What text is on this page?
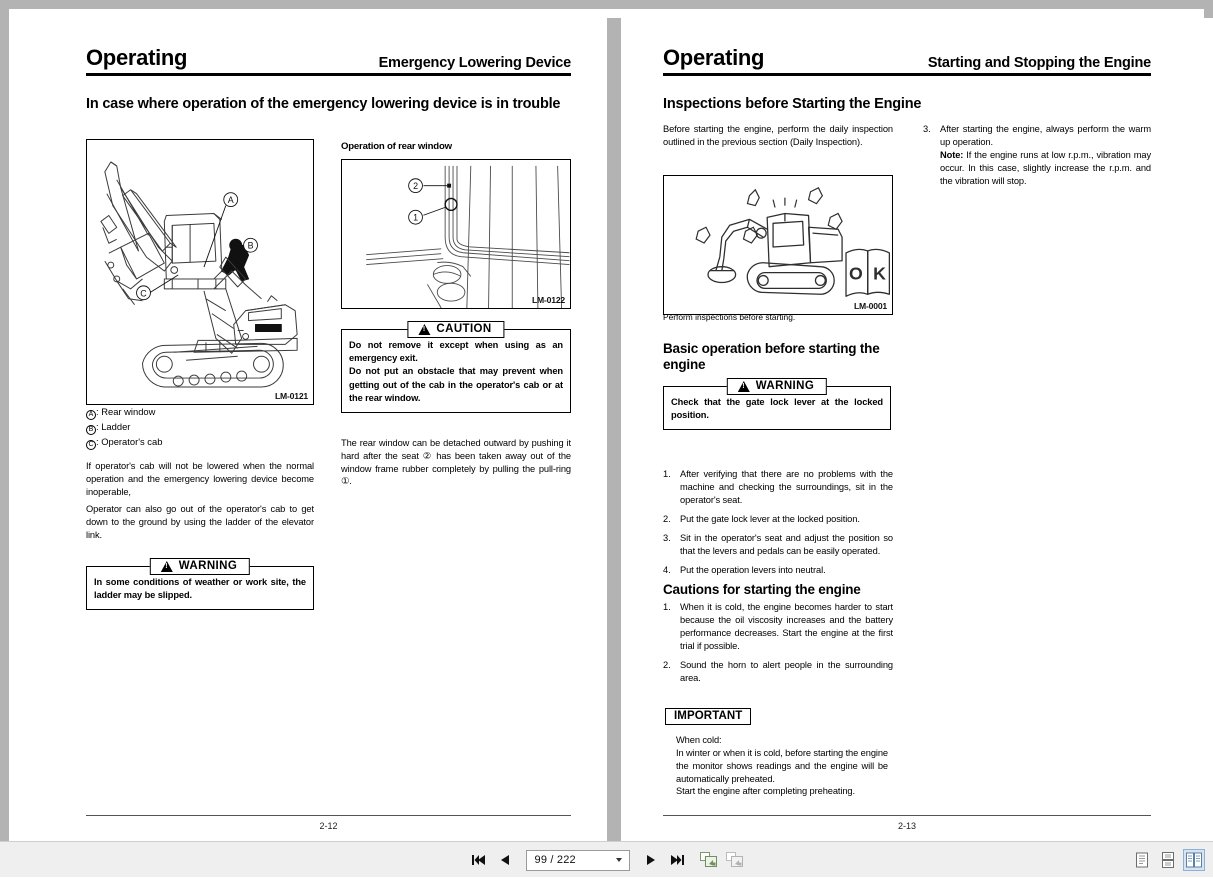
Operating	Emergency Lowering Device
In case where operation of the emergency lowering device is in trouble
A
B
C
LM-0121
A : Rear window
B : Ladder
C : Operator's cab
If operator's cab will not be lowered when the normal operation and the emergency lowering device become inoperable,
Operator can also go out of the operator's cab to get down to the ground by using the ladder of the elevator link.
!
WARNING
In some conditions of weather or work site, the ladder may be slipped.
Operation of rear window
2
1
LM-0122
!
CAUTION
Do not remove it except when using as an emergency exit.
Do not put an obstacle that may prevent when getting out of the cab in the operator's cab or at the rear window.
The rear window can be detached outward by pushing it hard after the seat ② has been taken away out of the window frame rubber completely by pulling the pull-ring ①.
2-12
Operating	Starting and Stopping the Engine
Inspections before Starting the Engine
Before starting the engine, perform the daily inspection outlined in the previous section (Daily Inspection).
O K
LM-0001
Perform inspections before starting.
3. After starting the engine, always perform the warm up operation.
Note: If the engine runs at low r.p.m., vibration may occur. In this case, slightly increase the r.p.m. and the vibration will stop.
Basic operation before starting the engine
!
WARNING
Check that the gate lock lever at the locked position.
1. After verifying that there are no problems with the machine and checking the surroundings, sit in the operator's seat.
2. Put the gate lock lever at the locked position.
3. Sit in the operator's seat and adjust the position so that the levers and pedals can be easily operated.
4. Put the operation levers into neutral.
Cautions for starting the engine
1. When it is cold, the engine becomes harder to start because the oil viscosity increases and the battery performance decreases. Start the engine at the first trial if possible.
2. Sound the horn to alert people in the surrounding area.
IMPORTANT
When cold:
In winter or when it is cold, before starting the engine the monitor shows readings and the engine will be automatically preheated.
Start the engine after completing preheating.
2-13
99 / 222
